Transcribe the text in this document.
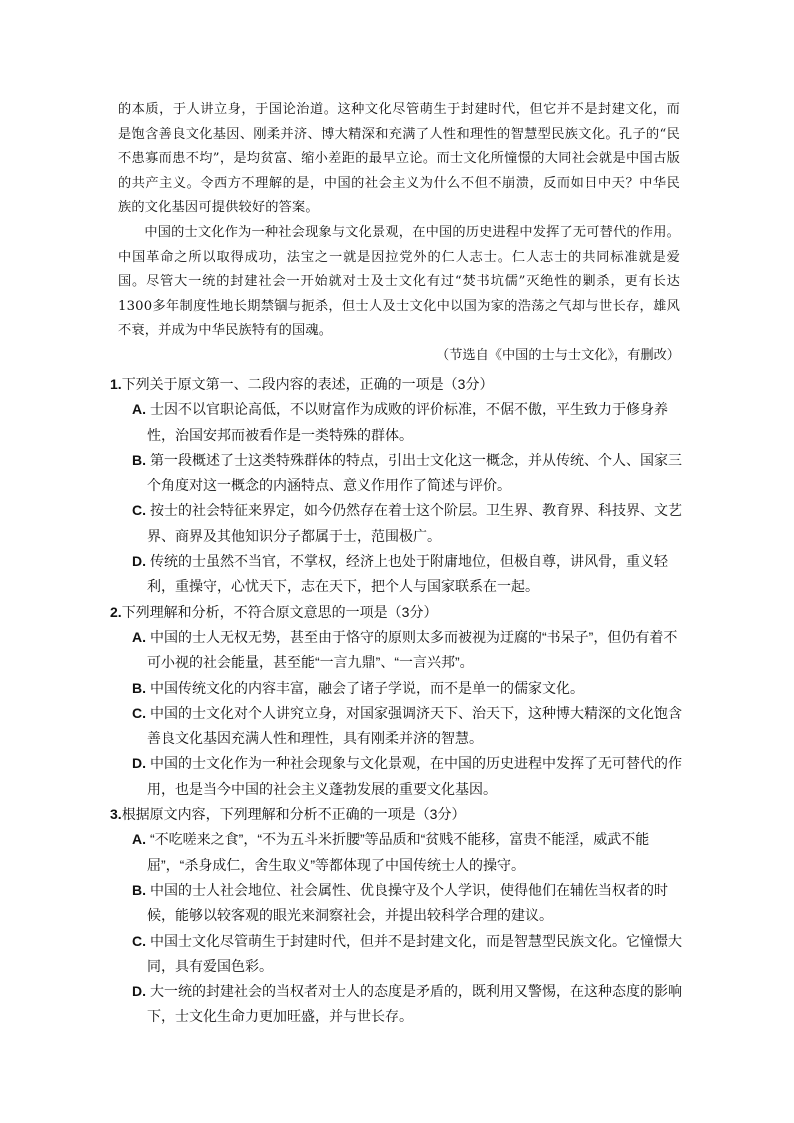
的本质，于人讲立身，于国论治道。这种文化尽管萌生于封建时代，但它并不是封建文化，而是饱含善良文化基因、刚柔并济、博大精深和充满了人性和理性的智慧型民族文化。孔子的“民不患寡而患不均”，是均贫富、缩小差距的最早立论。而士文化所憧憬的大同社会就是中国古版的共产主义。令西方不理解的是，中国的社会主义为什么不但不崩溃，反而如日中天？中华民族的文化基因可提供较好的答案。

中国的士文化作为一种社会现象与文化景观，在中国的历史进程中发挥了无可替代的作用。中国革命之所以取得成功，法宝之一就是因拉党外的仁人志士。仁人志士的共同标准就是爱国。尽管大一统的封建社会一开始就对士及士文化有过“焚书坑儒”灭绝性的剿杀，更有长达1300多年制度性地长期禁锢与扼杀，但士人及士文化中以国为家的浩荡之气却与世长存，雄风不衰，并成为中华民族特有的国魂。

（节选自《中国的士与士文化》，有删改）

1.下列关于原文第一、二段内容的表述，正确的一项是（3分）

A. 士因不以官职论高低，不以财富作为成败的评价标准，不倨不傲，平生致力于修身养性，治国安邦而被看作是一类特殊的群体。

B. 第一段概述了士这类特殊群体的特点，引出士文化这一概念，并从传统、个人、国家三个角度对这一概念的内涵特点、意义作用作了简述与评价。

C. 按士的社会特征来界定，如今仍然存在着士这个阶层。卫生界、教育界、科技界、文艺界、商界及其他知识分子都属于士，范围极广。

D. 传统的士虽然不当官，不掌权，经济上也处于附庸地位，但极自尊，讲风骨，重义轻利，重操守，心忧天下，志在天下，把个人与国家联系在一起。

2.下列理解和分析，不符合原文意思的一项是（3分）

A. 中国的士人无权无势，甚至由于恪守的原则太多而被视为迂腐的“书呆子”，但仍有着不可小视的社会能量，甚至能“一言九鼎”、“一言兴邦”。

B. 中国传统文化的内容丰富，融会了诸子学说，而不是单一的儒家文化。

C. 中国的士文化对个人讲究立身，对国家强调济天下、治天下，这种博大精深的文化饱含善良文化基因充满人性和理性，具有刚柔并济的智慧。

D. 中国的士文化作为一种社会现象与文化景观，在中国的历史进程中发挥了无可替代的作用，也是当今中国的社会主义蓬勃发展的重要文化基因。

3.根据原文内容，下列理解和分析不正确的一项是（3分）

A. “不吃嗟来之食”，“不为五斗米折腰”等品质和“贫贱不能移，富贵不能淫，威武不能屈”，“杀身成仁，舍生取义”等都体现了中国传统士人的操守。

B. 中国的士人社会地位、社会属性、优良操守及个人学识，使得他们在辅佐当权者的时候，能够以较客观的眼光来洞察社会，并提出较科学合理的建议。

C. 中国士文化尽管萌生于封建时代，但并不是封建文化，而是智慧型民族文化。它憧憬大同，具有爱国色彩。

D. 大一统的封建社会的当权者对士人的态度是矛盾的，既利用又警惕，在这种态度的影响下，士文化生命力更加旺盛，并与世长存。
